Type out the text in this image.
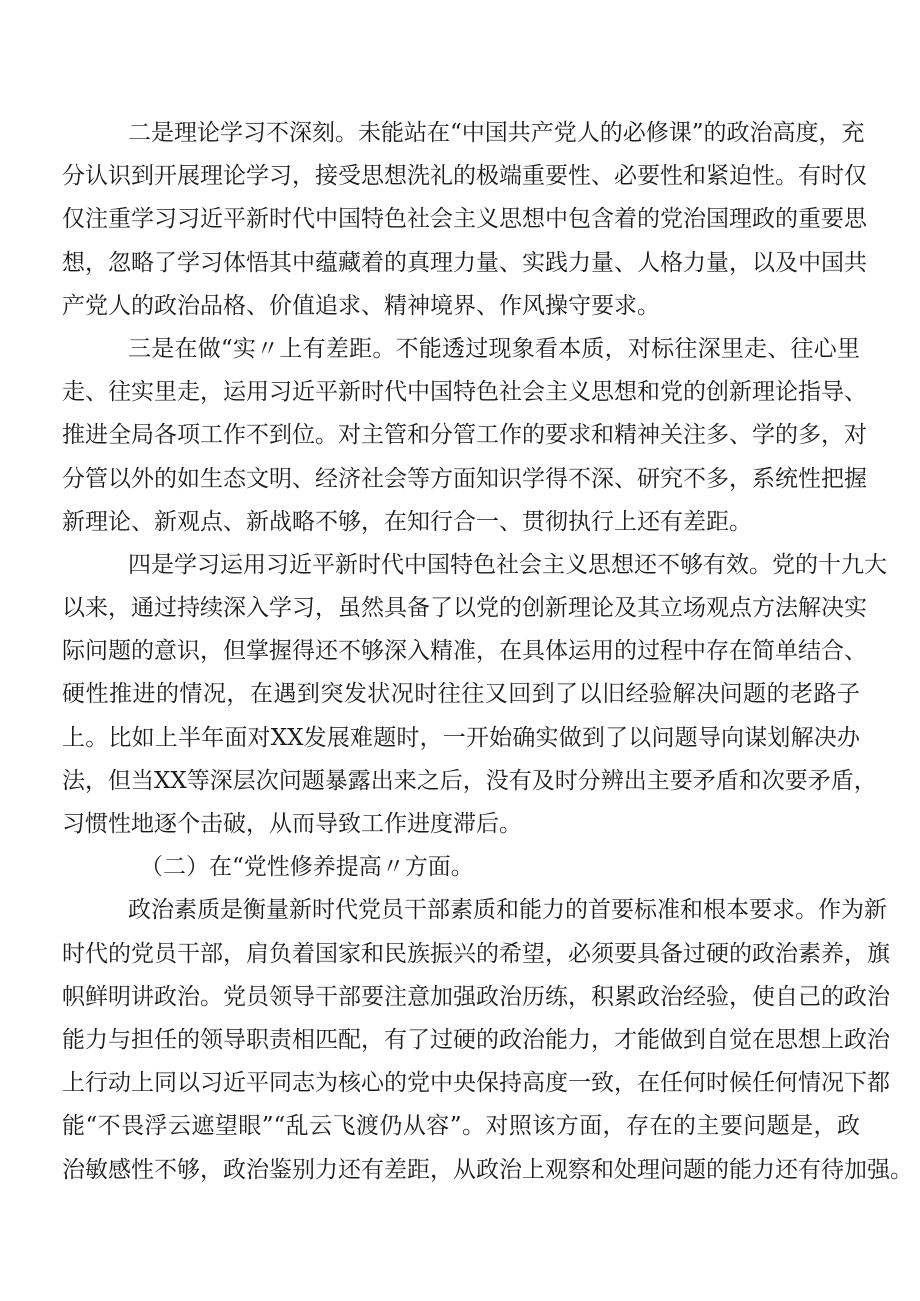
二是理论学习不深刻。未能站在“中国共产党人的必修课”的政治高度，充
分认识到开展理论学习，接受思想洗礼的极端重要性、必要性和紧迫性。有时仅
仅注重学习习近平新时代中国特色社会主义思想中包含着的党治国理政的重要思
想，忽略了学习体悟其中蕴藏着的真理力量、实践力量、人格力量，以及中国共
产党人的政治品格、价值追求、精神境界、作风操守要求。
三是在做“实〃上有差距。不能透过现象看本质，对标往深里走、往心里
走、往实里走，运用习近平新时代中国特色社会主义思想和党的创新理论指导、
推进全局各项工作不到位。对主管和分管工作的要求和精神关注多、学的多，对
分管以外的如生态文明、经济社会等方面知识学得不深、研究不多，系统性把握
新理论、新观点、新战略不够，在知行合一、贯彻执行上还有差距。
四是学习运用习近平新时代中国特色社会主义思想还不够有效。党的十九大
以来，通过持续深入学习，虽然具备了以党的创新理论及其立场观点方法解决实
际问题的意识，但掌握得还不够深入精准，在具体运用的过程中存在简单结合、
硬性推进的情况，在遇到突发状况时往往又回到了以旧经验解决问题的老路子
上。比如上半年面对XX发展难题时，一开始确实做到了以问题导向谋划解决办
法，但当XX等深层次问题暴露出来之后，没有及时分辨出主要矛盾和次要矛盾，
习惯性地逐个击破，从而导致工作进度滞后。
（二）在“党性修养提高〃方面。
政治素质是衡量新时代党员干部素质和能力的首要标准和根本要求。作为新
时代的党员干部，肩负着国家和民族振兴的希望，必须要具备过硬的政治素养，旗
帜鲜明讲政治。党员领导干部要注意加强政治历练，积累政治经验，使自己的政治
能力与担任的领导职责相匹配，有了过硬的政治能力，才能做到自觉在思想上政治
上行动上同以习近平同志为核心的党中央保持高度一致，在任何时候任何情况下都
能“不畏浮云遮望眼”“乱云飞渡仍从容”。对照该方面，存在的主要问题是，政
治敏感性不够，政治鉴别力还有差距，从政治上观察和处理问题的能力还有待加强。
